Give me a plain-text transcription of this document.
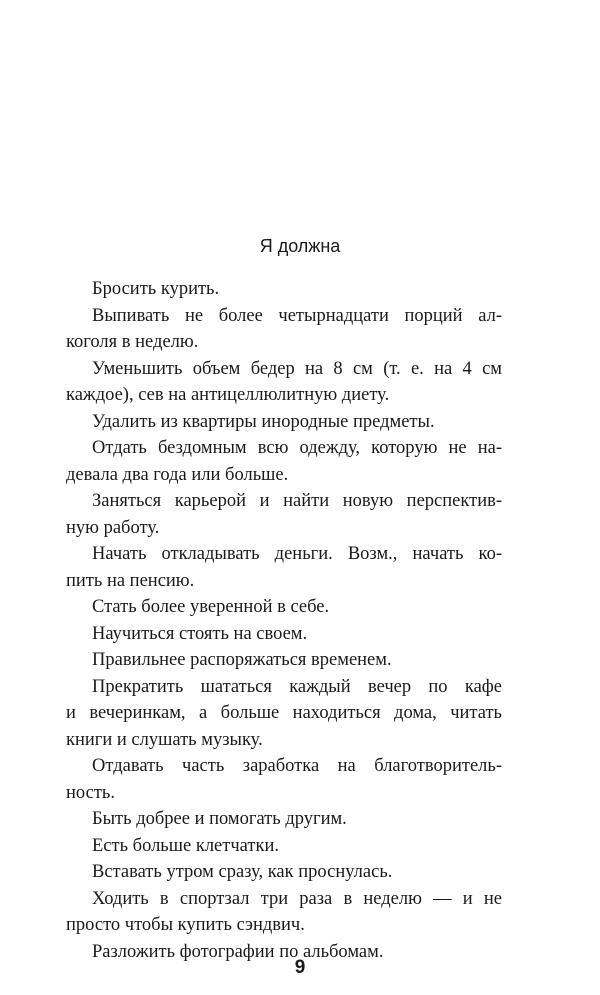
Я должна
Бросить курить.
Выпивать не более четырнадцати порций ал-
коголя в неделю.
Уменьшить объем бедер на 8 см (т. е. на 4 см
каждое), сев на антицеллюлитную диету.
Удалить из квартиры инородные предметы.
Отдать бездомным всю одежду, которую не на-
девала два года или больше.
Заняться карьерой и найти новую перспектив-
ную работу.
Начать откладывать деньги. Возм., начать ко-
пить на пенсию.
Стать более уверенной в себе.
Научиться стоять на своем.
Правильнее распоряжаться временем.
Прекратить шататься каждый вечер по кафе
и вечеринкам, а больше находиться дома, читать
книги и слушать музыку.
Отдавать часть заработка на благотворитель-
ность.
Быть добрее и помогать другим.
Есть больше клетчатки.
Вставать утром сразу, как проснулась.
Ходить в спортзал три раза в неделю — и не
просто чтобы купить сэндвич.
Разложить фотографии по альбомам.
9
